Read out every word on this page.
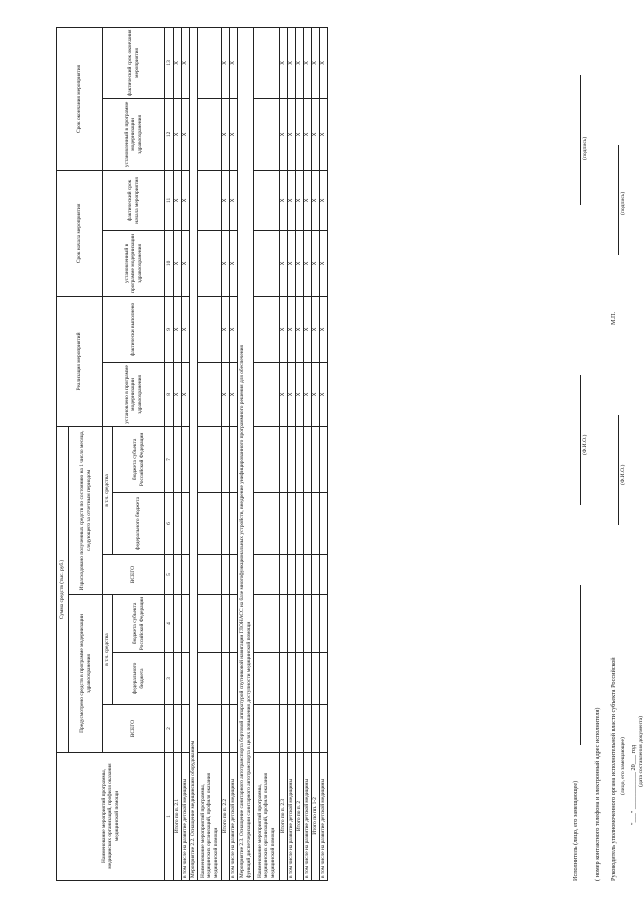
Наименование мероприятий программы, медицинских организаций, профиля оказания медицинской помощи	Сумма средств (тыс. руб.)						Реализация мероприятий		Срок начала мероприятия		Срок окончания мероприятия	
	Предусмотрено средств в программе модернизации здравоохранения			Израсходовано полученных средств по состоянию на 1 число месяца, следующего за отчетным периодом								
	ВСЕГО	в т.ч. средства		ВСЕГО	в т.ч. средства		установлено в программе модернизации здравоохранения	фактически выполнено	установленный в программе модернизации здравоохранения	фактический срок начала мероприятия	установленный в программе модернизации здравоохранения	фактический срок окончания мероприятия
		федерального бюджета	бюджета субъекта Российской Федерации		федерального бюджета	бюджета субъекта Российской Федерации						
1	2	3	4	5	6	7	8	9	10	11	12	13
Итого по п. 2.1							X	X	X	X	X	X
в том числе на развитие детской медицины							X	X	X	X	X	X
Мероприятие 2.2. Оснащение медицинским оборудованием												
Наименование мероприятий программы, медицинских организаций, профиля оказания медицинской помощи												
Итого по п. 2.2							X	X	X	X	X	X
в том числе на развитие детской медицины							X	X	X	X	X	X

Мероприятие 2.3. Оснащение санитарного автотранспорта бортовой аппаратурой спутниковой навигации ГЛОНАСС на базе многофункциональных устройств, внедрение унифицированного программного решения для обеспечения функций диспетчеризации санитарного автотранспорта в целях повышения доступности медицинской помощи												

Наименование мероприятий программы, медицинских организаций, профиля оказания медицинской помощи												
Итого по п. 2.3							X	X	X	X	X	X
в том числе на развитие детской медицины							X	X	X	X	X	X
Итого по п. 2							X	X	X	X	X	X
в том числе на развитие детской медицины							X	X	X	X	X	X
Итого по пп. 1-2							X	X	X	X	X	X
в том числе на развитие детской медицины							X	X	X	X	X	X
Исполнитель (лицо, его замещающее)
(Ф.И.О.)
(подпись)
( номер контактного телефона и электронный адрес исполнителя) Руководитель уполномоченного органа исполнительной власти субъекта Российской
(Ф.И.О.)
М.П.
(подпись)
(лицо, его замещающее) "___" ____________ 20___ год (дата составления документа)
